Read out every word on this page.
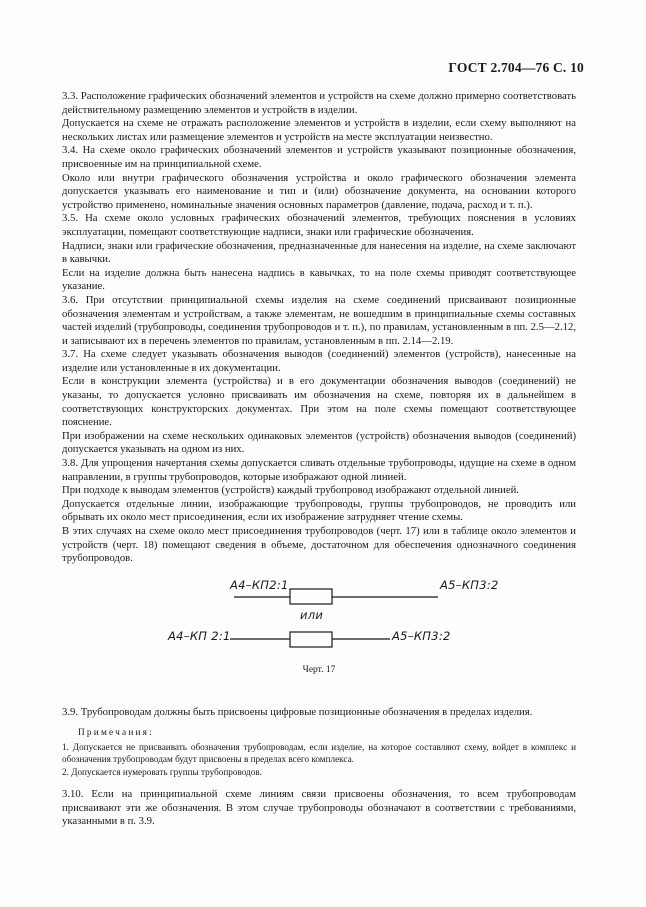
ГОСТ 2.704—76 С. 10

3.3. Расположение графических обозначений элементов и устройств на схеме должно примерно соответствовать действительному размещению элементов и устройств в изделии.

Допускается на схеме не отражать расположение элементов и устройств в изделии, если схему выполняют на нескольких листах или размещение элементов и устройств на месте эксплуатации неизвестно.

3.4. На схеме около графических обозначений элементов и устройств указывают позиционные обозначения, присвоенные им на принципиальной схеме.

Около или внутри графического обозначения устройства и около графического обозначения элемента допускается указывать его наименование и тип и (или) обозначение документа, на основании которого устройство применено, номинальные значения основных параметров (давление, подача, расход и т. п.).

3.5. На схеме около условных графических обозначений элементов, требующих пояснения в условиях эксплуатации, помещают соответствующие надписи, знаки или графические обозначения.

Надписи, знаки или графические обозначения, предназначенные для нанесения на изделие, на схеме заключают в кавычки.

Если на изделие должна быть нанесена надпись в кавычках, то на поле схемы приводят соответствующее указание.

3.6. При отсутствии принципиальной схемы изделия на схеме соединений присваивают позиционные обозначения элементам и устройствам, а также элементам, не вошедшим в принципиальные схемы составных частей изделий (трубопроводы, соединения трубопроводов и т. п.), по правилам, установленным в пп. 2.5—2.12, и записывают их в перечень элементов по правилам, установленным в пп. 2.14—2.19.

3.7. На схеме следует указывать обозначения выводов (соединений) элементов (устройств), нанесенные на изделие или установленные в их документации.

Если в конструкции элемента (устройства) и в его документации обозначения выводов (соединений) не указаны, то допускается условно присваивать им обозначения на схеме, повторяя их в дальнейшем в соответствующих конструкторских документах. При этом на поле схемы помещают соответствующее пояснение.

При изображении на схеме нескольких одинаковых элементов (устройств) обозначения выводов (соединений) допускается указывать на одном из них.

3.8. Для упрощения начертания схемы допускается сливать отдельные трубопроводы, идущие на схеме в одном направлении, в группы трубопроводов, которые изображают одной линией.

При подходе к выводам элементов (устройств) каждый трубопровод изображают отдельной линией.

Допускается отдельные линии, изображающие трубопроводы, группы трубопроводов, не проводить или обрывать их около мест присоединения, если их изображение затрудняет чтение схемы.

В этих случаях на схеме около мест присоединения трубопроводов (черт. 17) или в таблице около элементов и устройств (черт. 18) помещают сведения в объеме, достаточном для обеспечения однозначного соединения трубопроводов.

А4–КП2:1	А5–КП3:2
или
А4–КП 2:1	А5–КП3:2
Черт. 17

3.9. Трубопроводам должны быть присвоены цифровые позиционные обозначения в пределах изделия.

Примечания:

1. Допускается не присваивать обозначения трубопроводам, если изделие, на которое составляют схему, войдет в комплекс и обозначения трубопроводам будут присвоены в пределах всего комплекса.

2. Допускается нумеровать группы трубопроводов.

3.10. Если на принципиальной схеме линиям связи присвоены обозначения, то всем трубопроводам присваивают эти же обозначения. В этом случае трубопроводы обозначают в соответствии с требованиями, указанными в п. 3.9.
